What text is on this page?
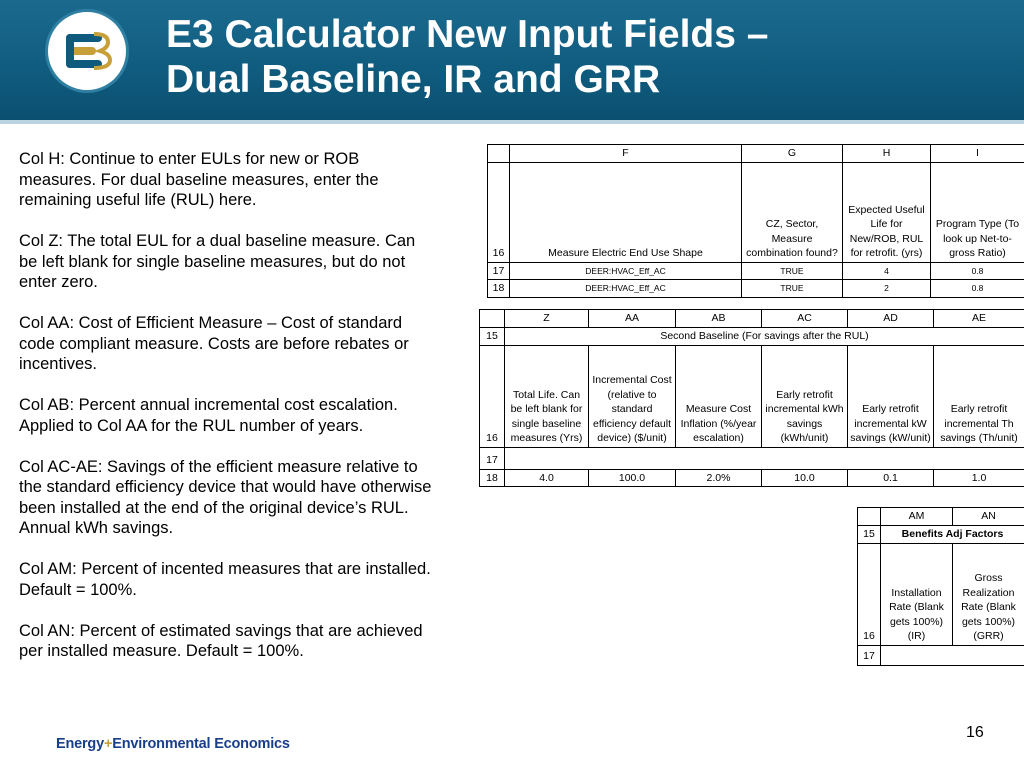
E3 Calculator New Input Fields –
Dual Baseline, IR and GRR

Col H: Continue to enter EULs for new or ROB measures. For dual baseline measures, enter the remaining useful life (RUL) here.

Col Z: The total EUL for a dual baseline measure. Can be left blank for single baseline measures, but do not enter zero.

Col AA: Cost of Efficient Measure – Cost of standard code compliant measure. Costs are before rebates or incentives.

Col AB: Percent annual incremental cost escalation. Applied to Col AA for the RUL number of years.

Col AC-AE: Savings of the efficient measure relative to the standard efficiency device that would have otherwise been installed at the end of the original device’s RUL. Annual kWh savings.

Col AM: Percent of incented measures that are installed. Default = 100%.

Col AN: Percent of estimated savings that are achieved per installed measure. Default = 100%.

	F	G	H	I
16	Measure Electric End Use Shape	CZ, Sector, Measure combination found?	Expected Useful Life for New/ROB, RUL for retrofit. (yrs)	Program Type (To look up Net-to-gross Ratio)
17	DEER:HVAC_Eff_AC	TRUE	4	0.8
18	DEER:HVAC_Eff_AC	TRUE	2	0.8
	Z	AA	AB	AC	AD	AE
15	Second Baseline (For savings after the RUL)					
16	Total Life. Can be left blank for single baseline measures (Yrs)	Incremental Cost (relative to standard efficiency default device) ($/unit)	Measure Cost Inflation (%/year escalation)	Early retrofit incremental kWh savings (kWh/unit)	Early retrofit incremental kW savings (kW/unit)	Early retrofit incremental Th savings (Th/unit)
17						
18	4.0	100.0	2.0%	10.0	0.1	1.0
	AM	AN
15	Benefits Adj Factors	
16	Installation Rate (Blank gets 100%) (IR)	Gross Realization Rate (Blank gets 100%) (GRR)
17		
Energy+Environmental Economics
16
